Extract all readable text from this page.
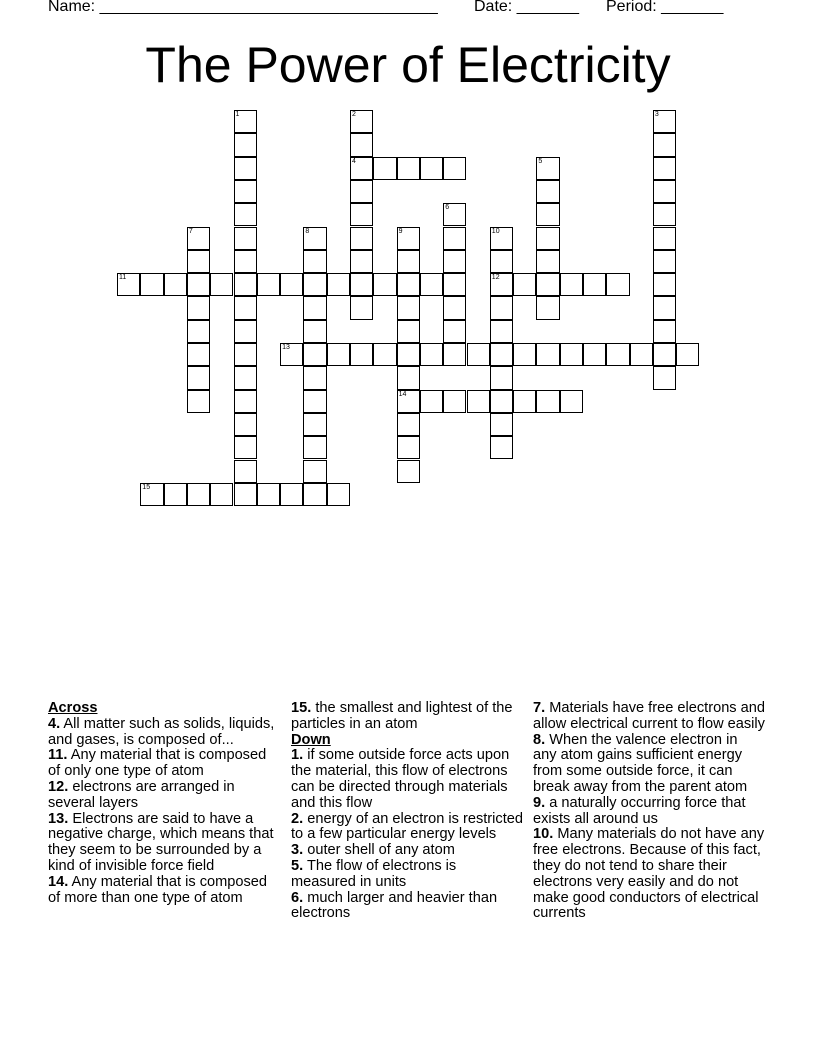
Name: ______________________________________ Date: _______ Period: _______
The Power of Electricity
1	2
4
3
5
6
7	8	9
14
10
12
11
13
15
Across

4. All matter such as solids, liquids, and gases, is composed of...

11. Any material that is composed of only one type of atom

12. electrons are arranged in several layers

13. Electrons are said to have a negative charge, which means that they seem to be surrounded by a kind of invisible force field

14. Any material that is composed of more than one type of atom

15. the smallest and lightest of the particles in an atom

Down

1. if some outside force acts upon the material, this flow of electrons can be directed through materials and this flow

2. energy of an electron is restricted to a few particular energy levels

3. outer shell of any atom

5. The flow of electrons is measured in units

6. much larger and heavier than electrons

7. Materials have free electrons and allow electrical current to flow easily

8. When the valence electron in any atom gains sufficient energy from some outside force, it can break away from the parent atom

9. a naturally occurring force that exists all around us

10. Many materials do not have any free electrons. Because of this fact, they do not tend to share their electrons very easily and do not make good conductors of electrical currents
